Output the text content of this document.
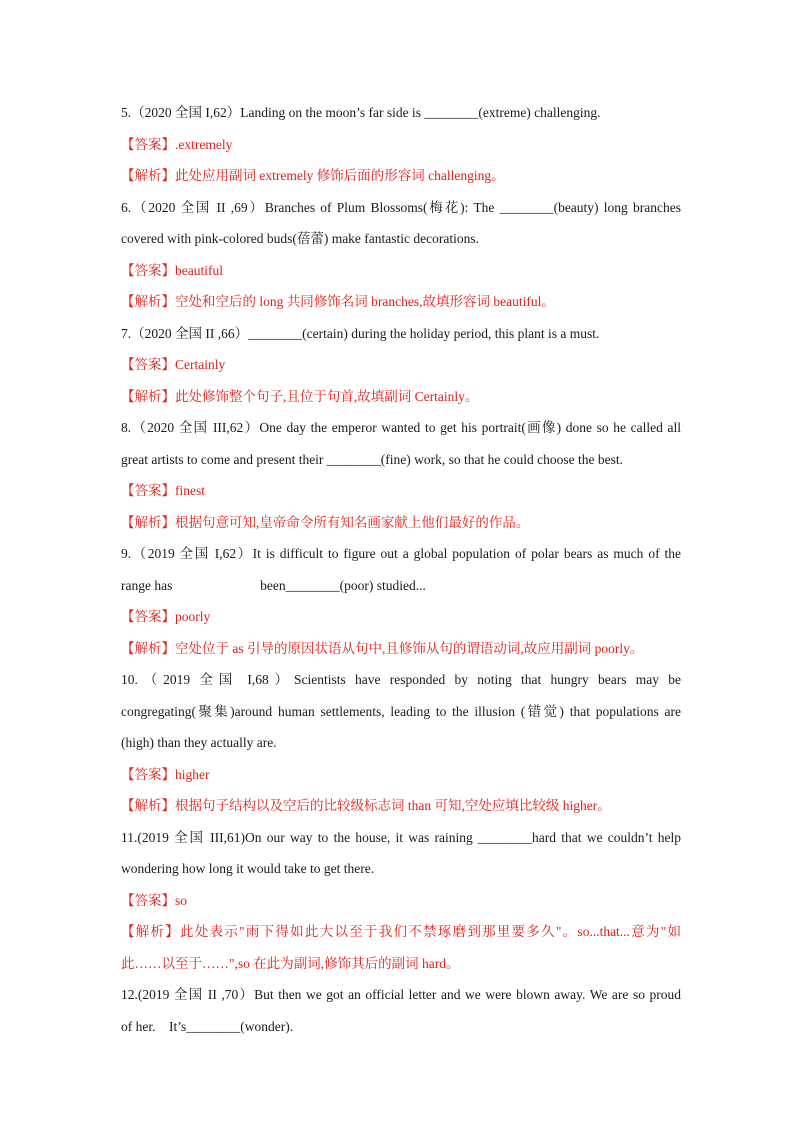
5.（2020 全国 I,62）Landing on the moon’s far side is ________(extreme) challenging.
【答案】.extremely
【解析】此处应用副词 extremely 修饰后面的形容词 challenging。
6.（2020 全国 II ,69）Branches of Plum Blossoms(梅花): The ________(beauty) long branches
covered with pink-colored buds(蓓蕾) make fantastic decorations.
【答案】beautiful
【解析】空处和空后的 long 共同修饰名词 branches,故填形容词 beautiful。
7.（2020 全国 II ,66）________(certain) during the holiday period, this plant is a must.
【答案】Certainly
【解析】此处修饰整个句子,且位于句首,故填副词 Certainly。
8.（2020 全国 III,62）One day the emperor wanted to get his portrait(画像) done so he called all
great artists to come and present their ________(fine) work, so that he could choose the best.
【答案】finest
【解析】根据句意可知,皇帝命令所有知名画家献上他们最好的作品。
9.（2019 全国 I,62）It is difficult to figure out a global population of polar bears as much of the
range has                          been________(poor) studied...
【答案】poorly
【解析】空处位于 as 引导的原因状语从句中,且修饰从句的谓语动词,故应用副词 poorly。
10.（2019 全国 I,68）Scientists have responded by noting that hungry bears may be
congregating(聚集)around human settlements, leading to the illusion (错觉) that populations are
(high) than they actually are.
【答案】higher
【解析】根据句子结构以及空后的比较级标志词 than 可知,空处应填比较级 higher。
11.(2019 全国 III,61)On our way to the house, it was raining ________hard that we couldn’t help
wondering how long it would take to get there.
【答案】so
【解析】此处表示"雨下得如此大以至于我们不禁琢磨到那里要多久"。so...that...意为"如
此……以至于……",so 在此为副词,修饰其后的副词 hard。
12.(2019 全国 II ,70）But then we got an official letter and we were blown away. We are so proud
of her.    It’s________(wonder).
